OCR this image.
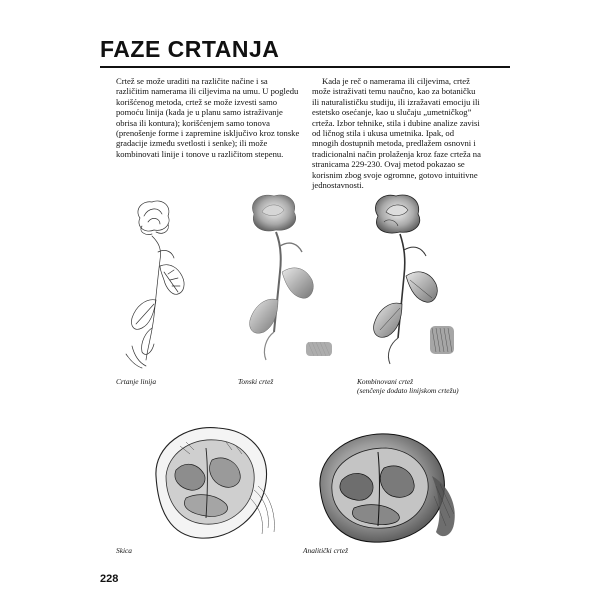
FAZE CRTANJA

Crtež se može uraditi na različite načine i sa različitim namerama ili ciljevima na umu. U pogledu korišćenog metoda, crtež se može izvesti samo pomoću linija (kada je u planu samo istraživanje obrisa ili kontura); korišćenjem samo tonova (prenošenje forme i zapremine isključivo kroz tonske gradacije između svetlosti i senke); ili može kombinovati linije i tonove u različitom stepenu.

Kada je reč o namerama ili ciljevima, crtež može istraživati temu naučno, kao za botaničku ili naturalističku studiju, ili izražavati emociju ili estetsko osećanje, kao u slučaju „umetničkog” crteža. Izbor tehnike, stila i dubine analize zavisi od ličnog stila i ukusa umetnika. Ipak, od mnogih dostupnih metoda, predlažem osnovni i tradicionalni način prolaženja kroz faze crteža na stranicama 229-230. Ovaj metod pokazao se korisnim zbog svoje ogromne, gotovo intuitivne jednostavnosti.

Crtanje linija	Tonski crtež	Kombinovani crtež
(senčenje dodato linijskom crtežu)
Skica	Analitički crtež
228
